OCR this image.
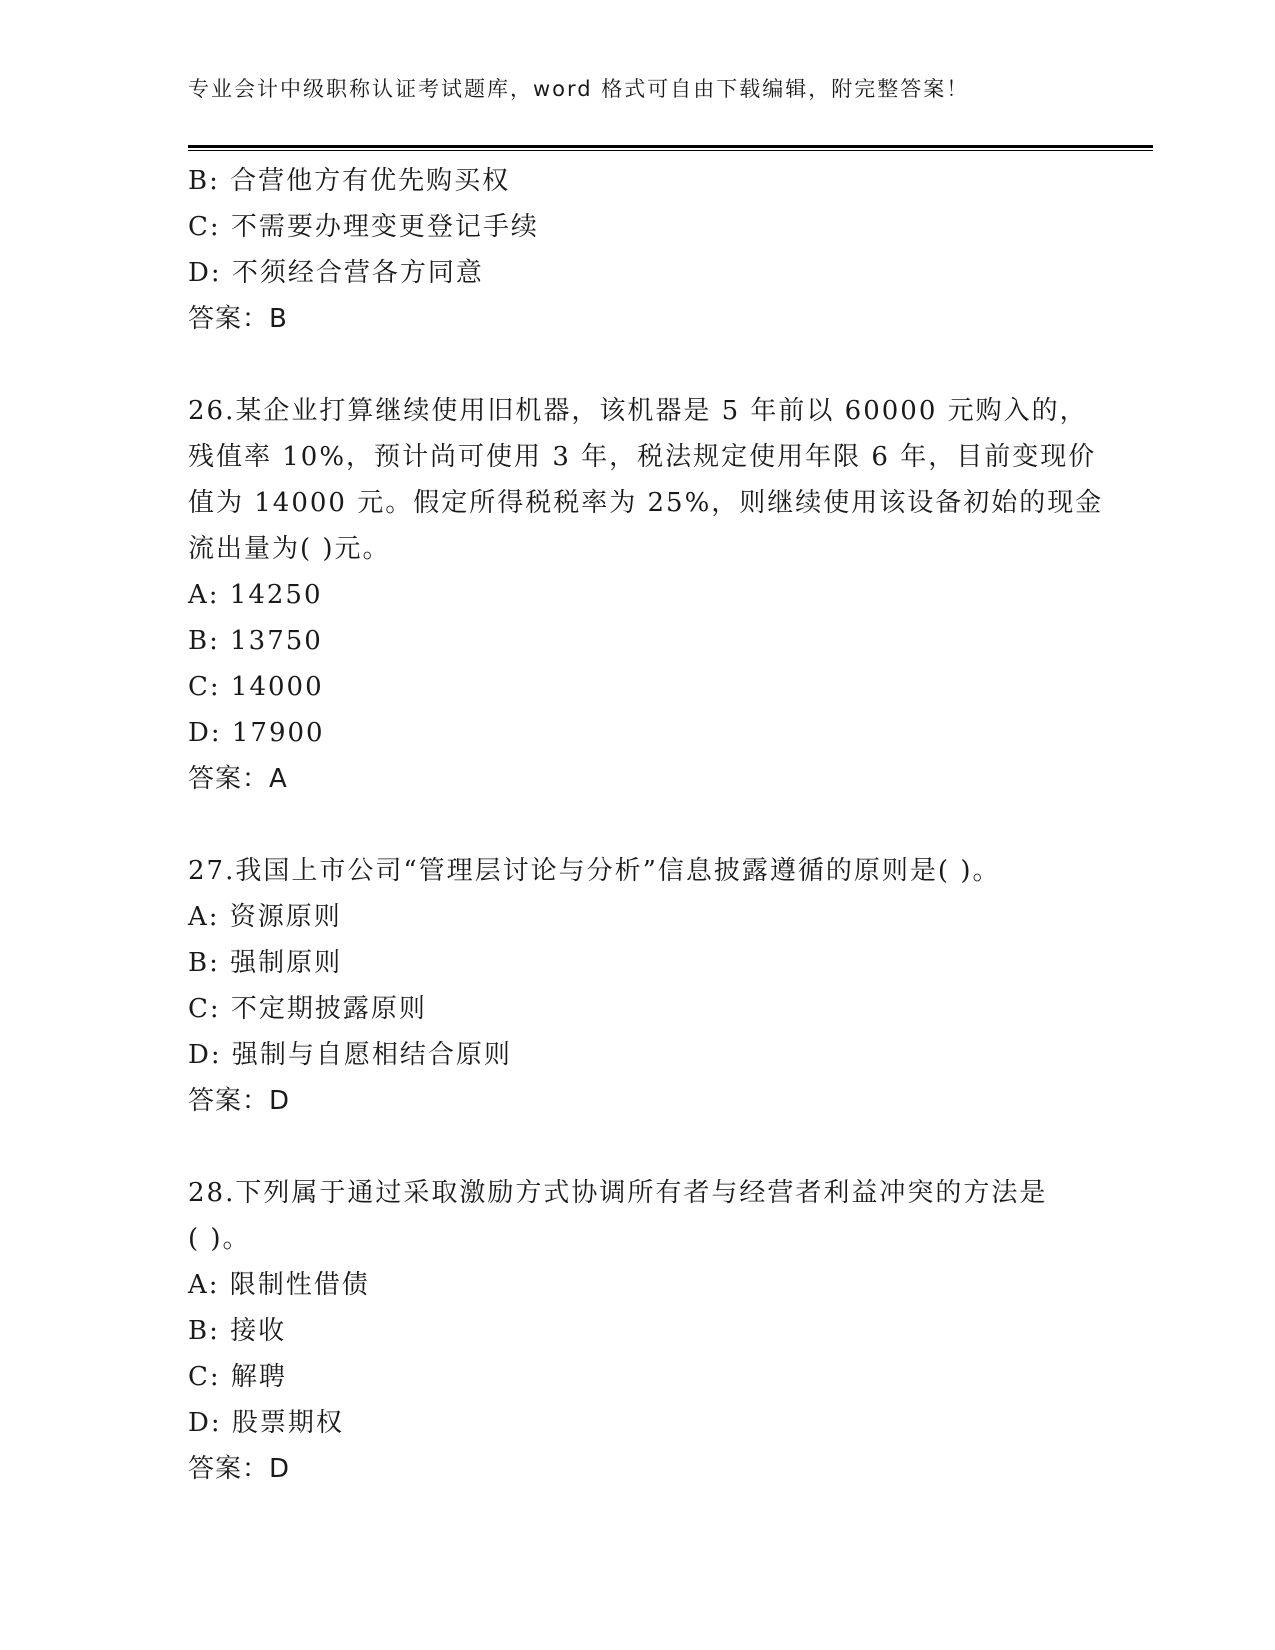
专业会计中级职称认证考试题库，word 格式可自由下载编辑，附完整答案！
B: 合营他方有优先购买权
C: 不需要办理变更登记手续
D: 不须经合营各方同意
答案：B
26.某企业打算继续使用旧机器，该机器是 5 年前以 60000 元购入的，
残值率 10%，预计尚可使用 3 年，税法规定使用年限 6 年，目前变现价
值为 14000 元。假定所得税税率为 25%，则继续使用该设备初始的现金
流出量为( )元。
A: 14250
B: 13750
C: 14000
D: 17900
答案：A
27.我国上市公司“管理层讨论与分析”信息披露遵循的原则是( )。
A: 资源原则
B: 强制原则
C: 不定期披露原则
D: 强制与自愿相结合原则
答案：D
28.下列属于通过采取激励方式协调所有者与经营者利益冲突的方法是
( )。
A: 限制性借债
B: 接收
C: 解聘
D: 股票期权
答案：D
